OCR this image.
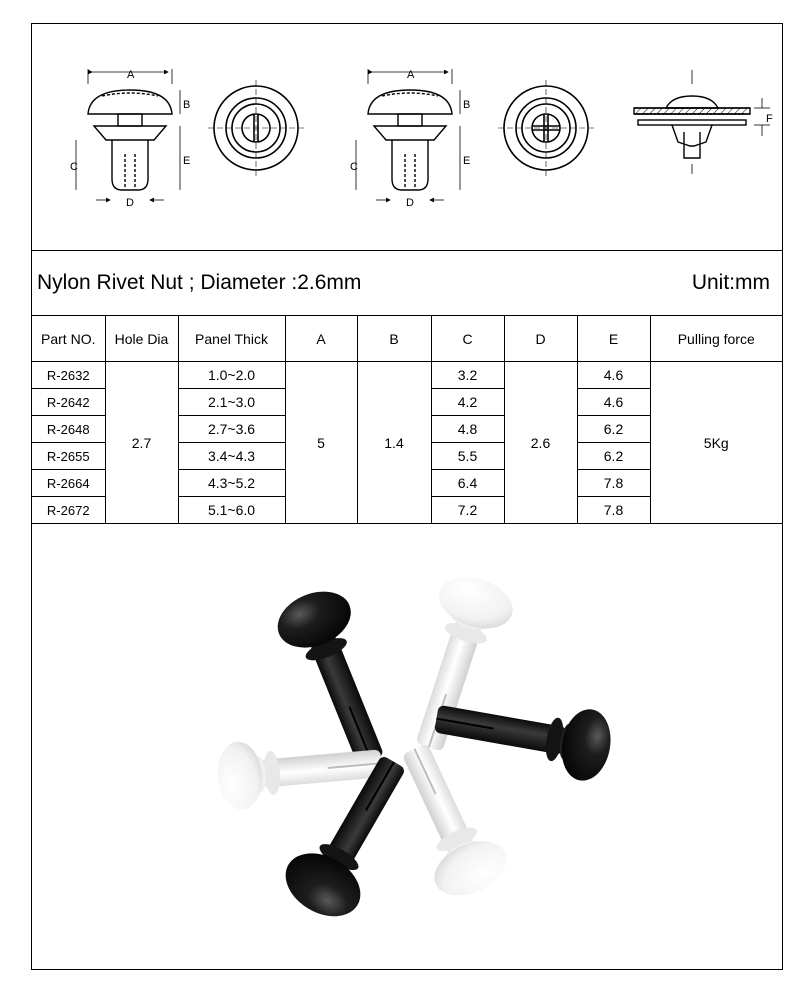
A
B
E
C
D
A
B
E
C
D
F
Nylon Rivet Nut ; Diameter :2.6mm	Unit:mm
Part NO.	Hole Dia	Panel Thick	A	B	C	D	E	Pulling force
R-2632	2.7	1.0~2.0	5	1.4	3.2	2.6	4.6	5Kg
R-2642		2.1~3.0			4.2		4.6	
R-2648		2.7~3.6			4.8		6.2	
R-2655		3.4~4.3			5.5		6.2	
R-2664		4.3~5.2			6.4		7.8	
R-2672		5.1~6.0			7.2		7.8	
